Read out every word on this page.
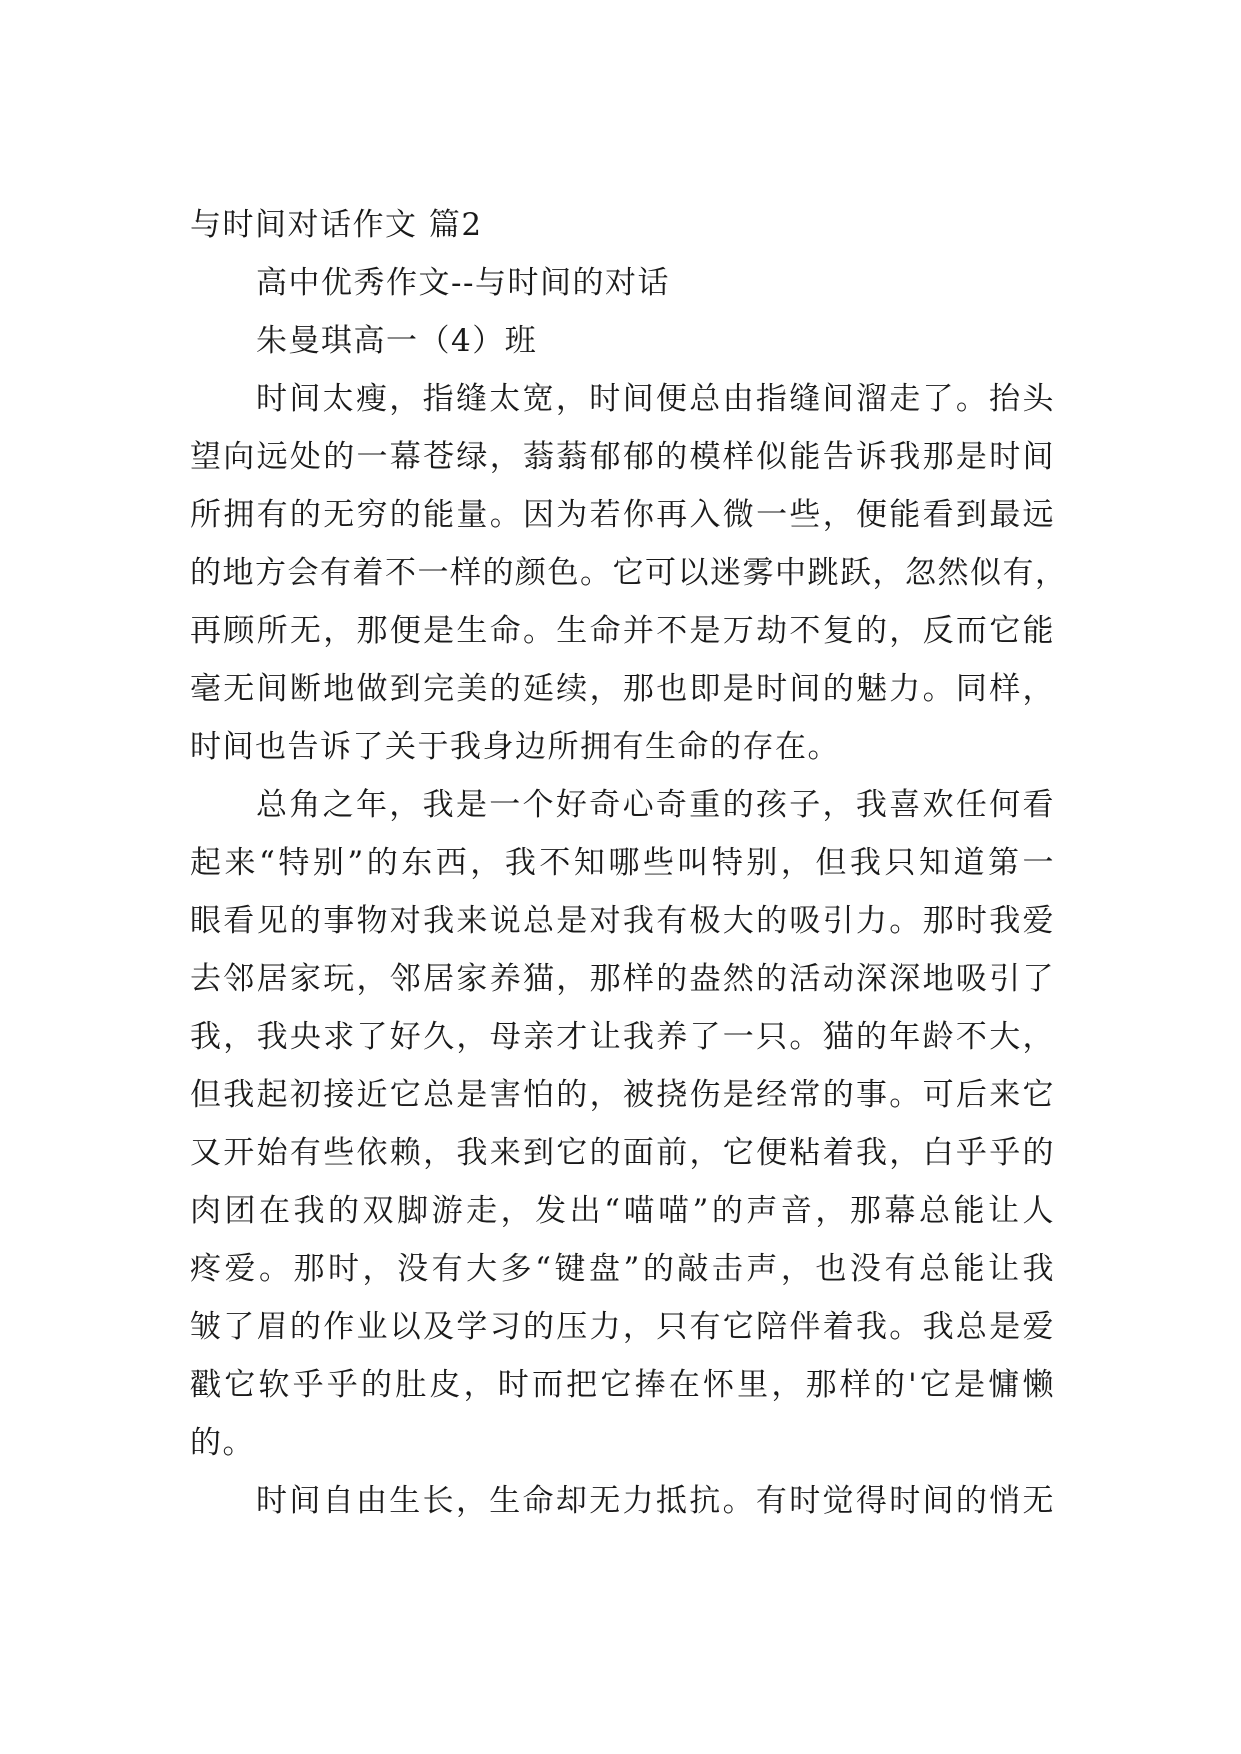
与时间对话作文 篇2
高中优秀作文--与时间的对话
朱曼琪高一（4）班
时间太瘦，指缝太宽，时间便总由指缝间溜走了。抬头
望向远处的一幕苍绿，蓊蓊郁郁的模样似能告诉我那是时间
所拥有的无穷的能量。因为若你再入微一些，便能看到最远
的地方会有着不一样的颜色。它可以迷雾中跳跃，忽然似有，
再顾所无，那便是生命。生命并不是万劫不复的，反而它能
毫无间断地做到完美的延续，那也即是时间的魅力。同样，
时间也告诉了关于我身边所拥有生命的存在。
总角之年，我是一个好奇心奇重的孩子，我喜欢任何看
起来“特别”的东西，我不知哪些叫特别，但我只知道第一
眼看见的事物对我来说总是对我有极大的吸引力。那时我爱
去邻居家玩，邻居家养猫，那样的盎然的活动深深地吸引了
我，我央求了好久，母亲才让我养了一只。猫的年龄不大，
但我起初接近它总是害怕的，被挠伤是经常的事。可后来它
又开始有些依赖，我来到它的面前，它便粘着我，白乎乎的
肉团在我的双脚游走，发出“喵喵”的声音，那幕总能让人
疼爱。那时，没有大多“键盘”的敲击声，也没有总能让我
皱了眉的作业以及学习的压力，只有它陪伴着我。我总是爱
戳它软乎乎的肚皮，时而把它捧在怀里，那样的'它是慵懒
的。
时间自由生长，生命却无力抵抗。有时觉得时间的悄无
